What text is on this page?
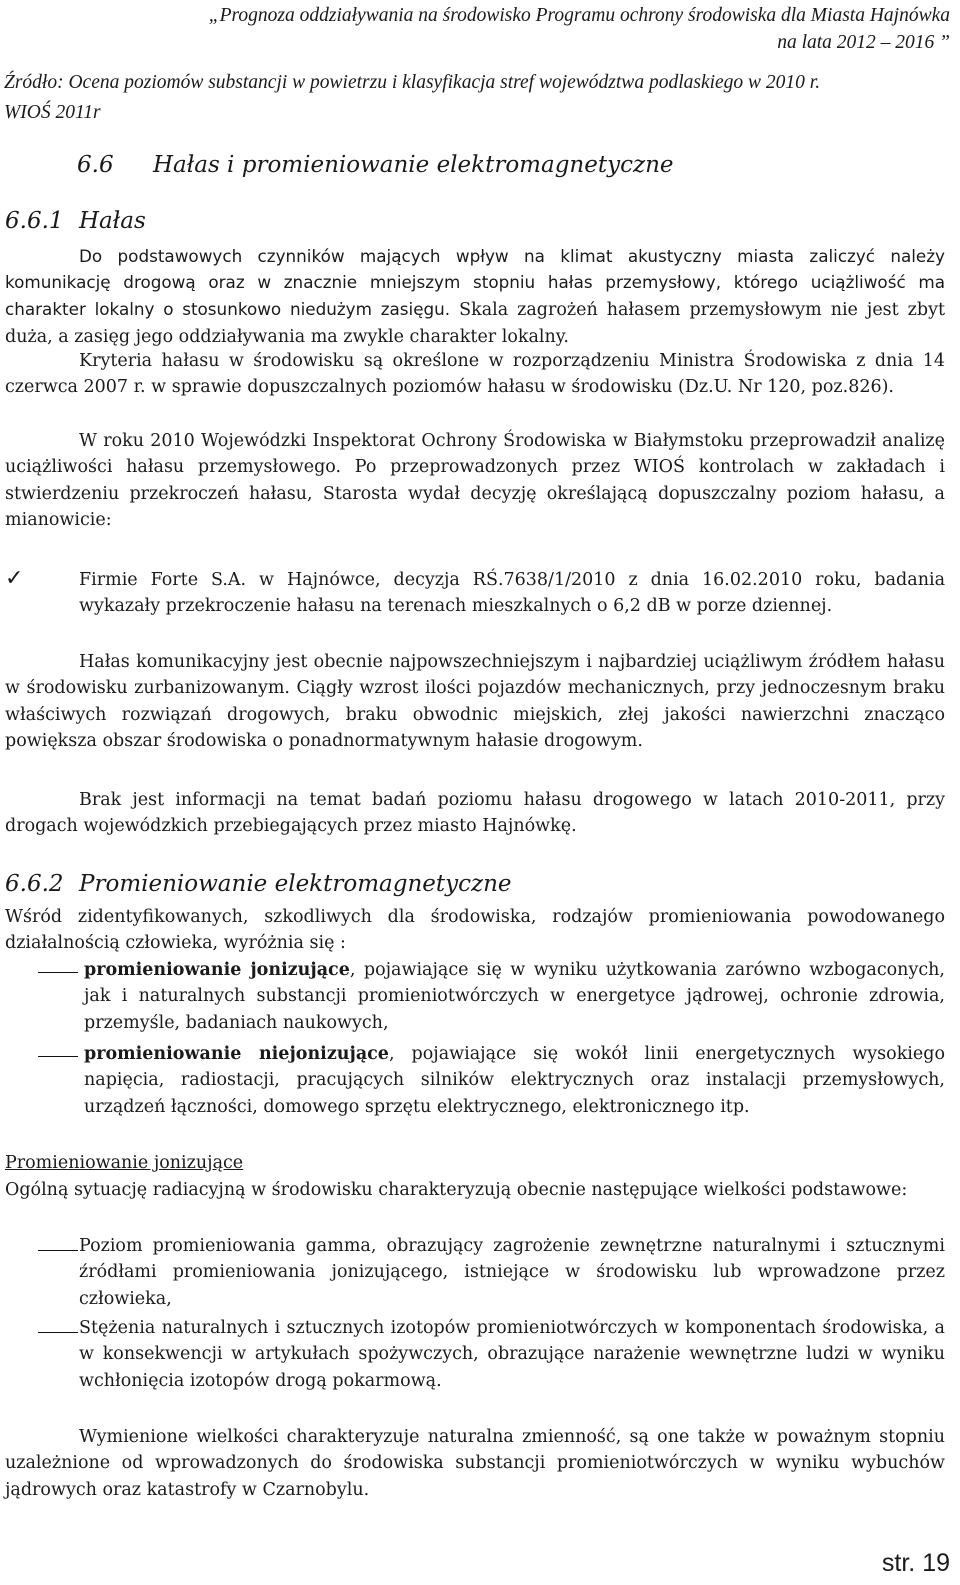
„Prognoza oddziaływania na środowisko Programu ochrony środowiska dla Miasta Hajnówka
na lata 2012 – 2016 ”
Źródło: Ocena poziomów substancji w powietrzu i klasyfikacja stref województwa podlaskiego w 2010 r.
WIOŚ 2011r
6.6 Hałas i promieniowanie elektromagnetyczne
6.6.1 Hałas
Do podstawowych czynników mających wpływ na klimat akustyczny miasta zaliczyć należy komunikację drogową oraz w znacznie mniejszym stopniu hałas przemysłowy, którego uciążliwość ma charakter lokalny o stosunkowo niedużym zasięgu. Skala zagrożeń hałasem przemysłowym nie jest zbyt duża, a zasięg jego oddziaływania ma zwykle charakter lokalny.
Kryteria hałasu w środowisku są określone w rozporządzeniu Ministra Środowiska z dnia 14 czerwca 2007 r. w sprawie dopuszczalnych poziomów hałasu w środowisku (Dz.U. Nr 120, poz.826).
W roku 2010 Wojewódzki Inspektorat Ochrony Środowiska w Białymstoku przeprowadził analizę uciążliwości hałasu przemysłowego. Po przeprowadzonych przez WIOŚ kontrolach w zakładach i stwierdzeniu przekroczeń hałasu, Starosta wydał decyzję określającą dopuszczalny poziom hałasu, a mianowicie:
✓	Firmie Forte S.A. w Hajnówce, decyzja RŚ.7638/1/2010 z dnia 16.02.2010 roku, badania wykazały przekroczenie hałasu na terenach mieszkalnych o 6,2 dB w porze dziennej.
Hałas komunikacyjny jest obecnie najpowszechniejszym i najbardziej uciążliwym źródłem hałasu w środowisku zurbanizowanym. Ciągły wzrost ilości pojazdów mechanicznych, przy jednoczesnym braku właściwych rozwiązań drogowych, braku obwodnic miejskich, złej jakości nawierzchni znacząco powiększa obszar środowiska o ponadnormatywnym hałasie drogowym.
Brak jest informacji na temat badań poziomu hałasu drogowego w latach 2010-2011, przy drogach wojewódzkich przebiegających przez miasto Hajnówkę.
6.6.2 Promieniowanie elektromagnetyczne
Wśród zidentyfikowanych, szkodliwych dla środowiska, rodzajów promieniowania powodowanego działalnością człowieka, wyróżnia się :
promieniowanie jonizujące, pojawiające się w wyniku użytkowania zarówno wzbogaconych, jak i naturalnych substancji promieniotwórczych w energetyce jądrowej, ochronie zdrowia, przemyśle, badaniach naukowych,
promieniowanie niejonizujące, pojawiające się wokół linii energetycznych wysokiego napięcia, radiostacji, pracujących silników elektrycznych oraz instalacji przemysłowych, urządzeń łączności, domowego sprzętu elektrycznego, elektronicznego itp.
Promieniowanie jonizujące
Ogólną sytuację radiacyjną w środowisku charakteryzują obecnie następujące wielkości podstawowe:
Poziom promieniowania gamma, obrazujący zagrożenie zewnętrzne naturalnymi i sztucznymi źródłami promieniowania jonizującego, istniejące w środowisku lub wprowadzone przez człowieka,
Stężenia naturalnych i sztucznych izotopów promieniotwórczych w komponentach środowiska, a w konsekwencji w artykułach spożywczych, obrazujące narażenie wewnętrzne ludzi w wyniku wchłonięcia izotopów drogą pokarmową.
Wymienione wielkości charakteryzuje naturalna zmienność, są one także w poważnym stopniu uzależnione od wprowadzonych do środowiska substancji promieniotwórczych w wyniku wybuchów jądrowych oraz katastrofy w Czarnobylu.
str. 19
